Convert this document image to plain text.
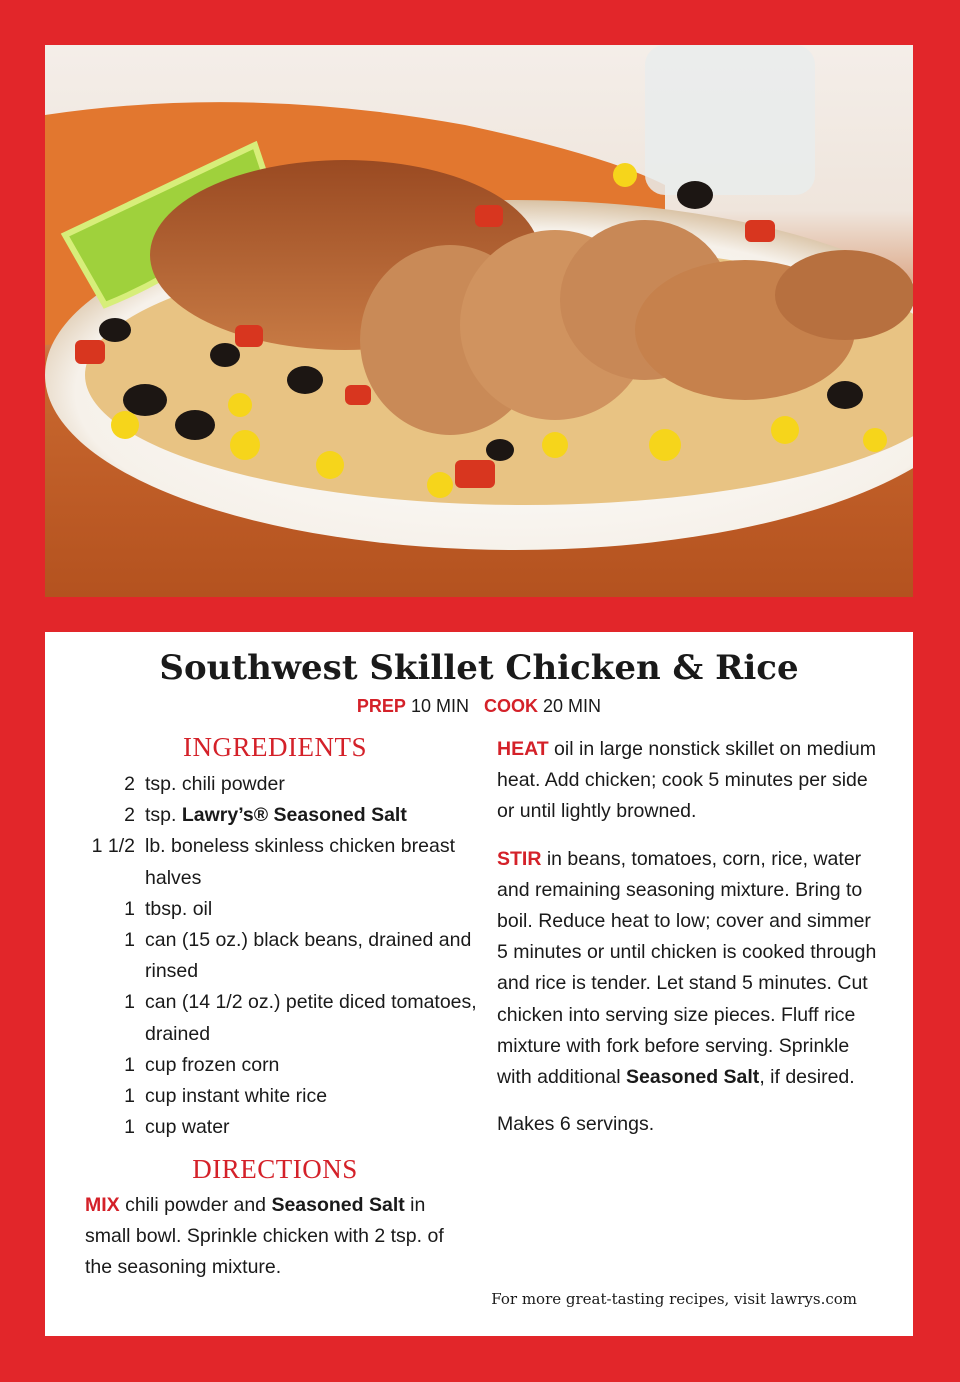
Southwest Skillet Chicken & Rice
PREP 10 MIN COOK 20 MIN
INGREDIENTS
2 tsp. chili powder
2 tsp. Lawry’s® Seasoned Salt
1 1/2 lb. boneless skinless chicken breast halves
1 tbsp. oil
1 can (15 oz.) black beans, drained and rinsed
1 can (14 1/2 oz.) petite diced tomatoes, drained
1 cup frozen corn
1 cup instant white rice
1 cup water
DIRECTIONS
MIX chili powder and Seasoned Salt in small bowl. Sprinkle chicken with 2 tsp. of the seasoning mixture.

HEAT oil in large nonstick skillet on medium heat. Add chicken; cook 5 minutes per side or until lightly browned.

STIR in beans, tomatoes, corn, rice, water and remaining seasoning mixture. Bring to boil. Reduce heat to low; cover and simmer 5 minutes or until chicken is cooked through and rice is tender. Let stand 5 minutes. Cut chicken into serving size pieces. Fluff rice mixture with fork before serving. Sprinkle with additional Seasoned Salt, if desired.

Makes 6 servings.

For more great-tasting recipes, visit lawrys.com
